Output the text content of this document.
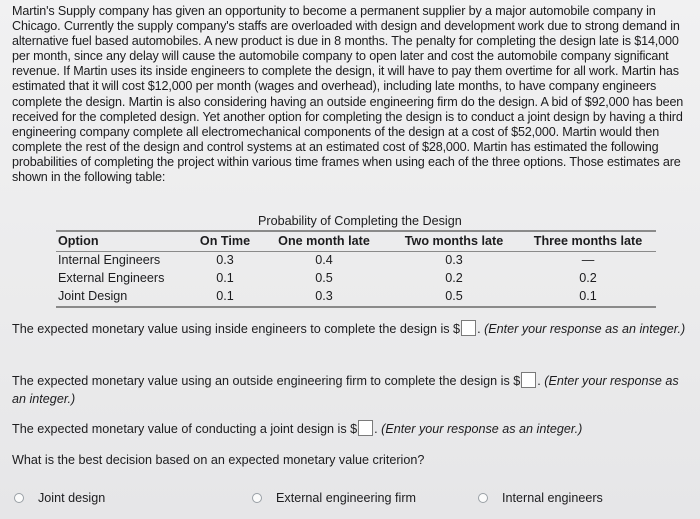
Martin's Supply company has given an opportunity to become a permanent supplier by a major automobile company in Chicago. Currently the supply company's staffs are overloaded with design and development work due to strong demand in alternative fuel based automobiles. A new product is due in 8 months. The penalty for completing the design late is $14,000 per month, since any delay will cause the automobile company to open later and cost the automobile company significant revenue. If Martin uses its inside engineers to complete the design, it will have to pay them overtime for all work. Martin has estimated that it will cost $12,000 per month (wages and overhead), including late months, to have company engineers complete the design. Martin is also considering having an outside engineering firm do the design. A bid of $92,000 has been received for the completed design. Yet another option for completing the design is to conduct a joint design by having a third engineering company complete all electromechanical components of the design at a cost of $52,000. Martin would then complete the rest of the design and control systems at an estimated cost of $28,000. Martin has estimated the following probabilities of completing the project within various time frames when using each of the three options. Those estimates are shown in the following table:

Probability of Completing the Design
Option	On Time	One month late	Two months late	Three months late
Internal Engineers	0.3	0.4	0.3	—
External Engineers	0.1	0.5	0.2	0.2
Joint Design	0.1	0.3	0.5	0.1
The expected monetary value using inside engineers to complete the design is $ . (Enter your response as an integer.)
The expected monetary value using an outside engineering firm to complete the design is $ . (Enter your response as an integer.)
The expected monetary value of conducting a joint design is $ . (Enter your response as an integer.)
What is the best decision based on an expected monetary value criterion?
Joint design	External engineering firm	Internal engineers
